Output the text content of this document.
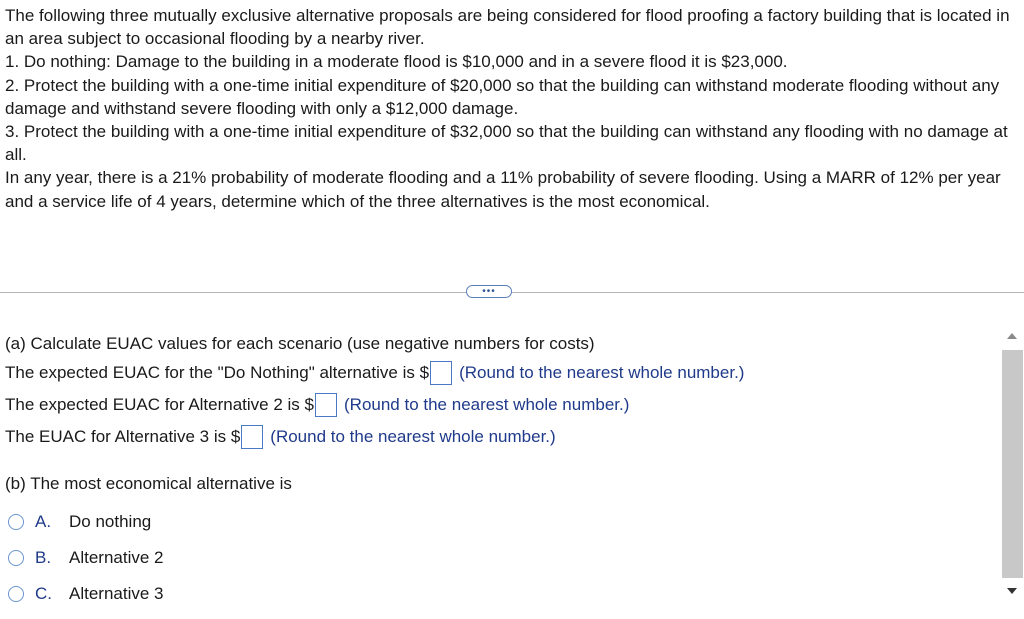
The following three mutually exclusive alternative proposals are being considered for flood proofing a factory building that is located in an area subject to occasional flooding by a nearby river.

1. Do nothing: Damage to the building in a moderate flood is $10,000 and in a severe flood it is $23,000.

2. Protect the building with a one-time initial expenditure of $20,000 so that the building can withstand moderate flooding without any damage and withstand severe flooding with only a $12,000 damage.

3. Protect the building with a one-time initial expenditure of $32,000 so that the building can withstand any flooding with no damage at all.

In any year, there is a 21% probability of moderate flooding and a 11% probability of severe flooding. Using a MARR of 12% per year and a service life of 4 years, determine which of the three alternatives is the most economical.

•••
(a) Calculate EUAC values for each scenario (use negative numbers for costs)
The expected EUAC for the "Do Nothing" alternative is $ (Round to the nearest whole number.)
The expected EUAC for Alternative 2 is $ (Round to the nearest whole number.)
The EUAC for Alternative 3 is $ (Round to the nearest whole number.)
(b) The most economical alternative is
A.	Do nothing
B.	Alternative 2
C.	Alternative 3
